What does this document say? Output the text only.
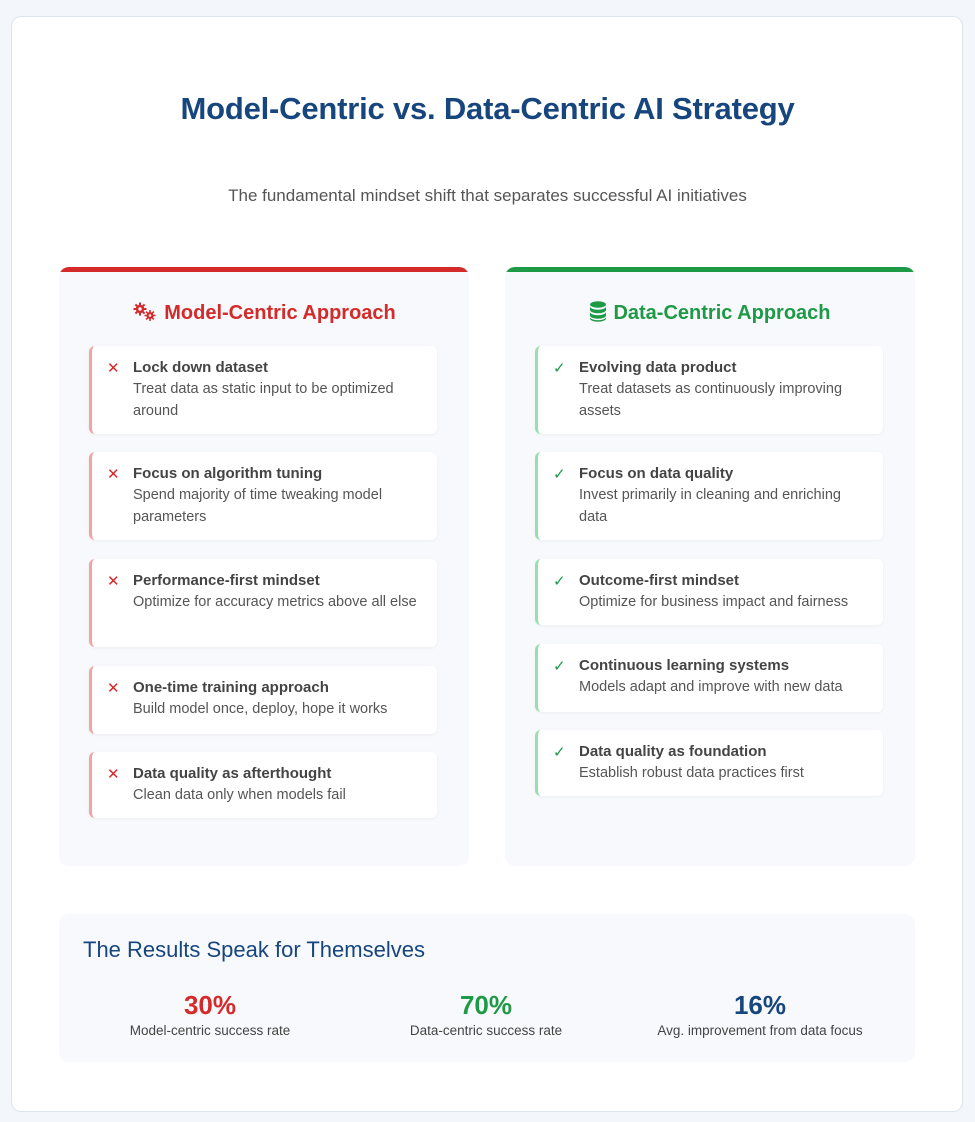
Model-Centric vs. Data-Centric AI Strategy
The fundamental mindset shift that separates successful AI initiatives
Model-Centric Approach
✕ Lock down dataset
Treat data as static input to be optimized around
✕ Focus on algorithm tuning
Spend majority of time tweaking model parameters
✕ Performance-first mindset
Optimize for accuracy metrics above all else
✕ One-time training approach
Build model once, deploy, hope it works
✕ Data quality as afterthought
Clean data only when models fail
Data-Centric Approach
✓ Evolving data product
Treat datasets as continuously improving assets
✓ Focus on data quality
Invest primarily in cleaning and enriching data
✓ Outcome-first mindset
Optimize for business impact and fairness
✓ Continuous learning systems
Models adapt and improve with new data
✓ Data quality as foundation
Establish robust data practices first
The Results Speak for Themselves
30%
Model-centric success rate
70%
Data-centric success rate
16%
Avg. improvement from data focus
